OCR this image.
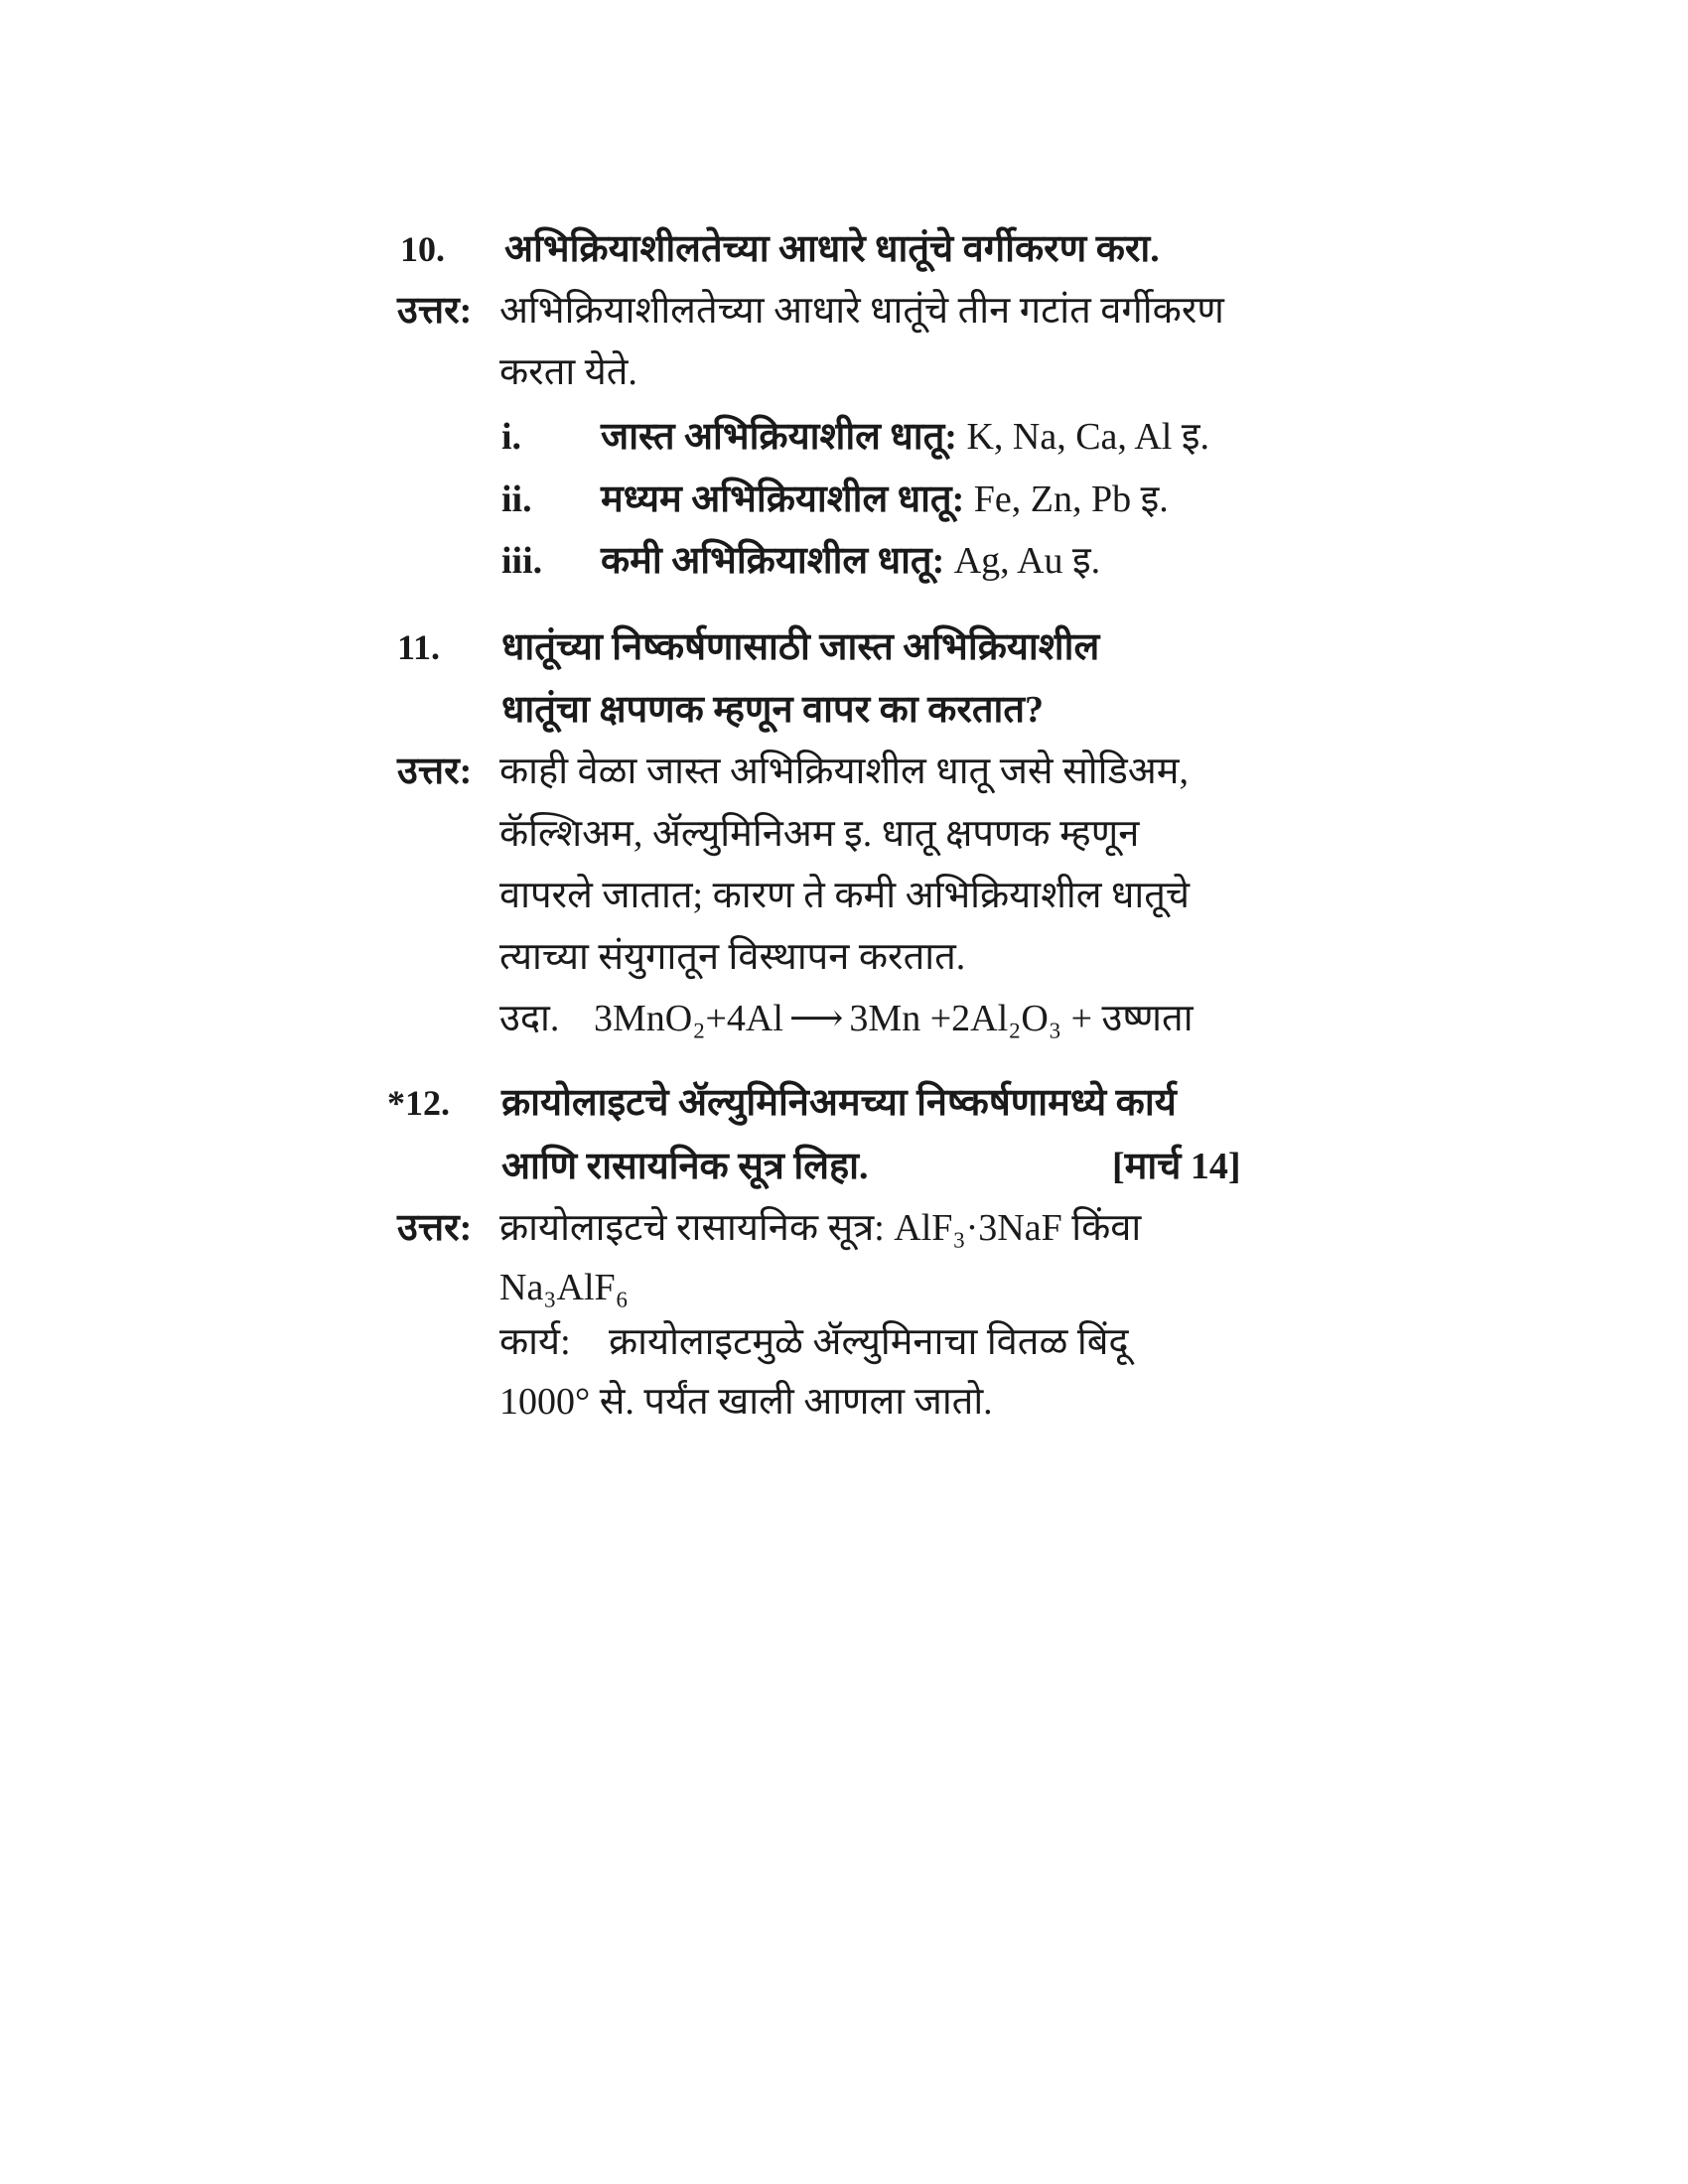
10. अभिक्रियाशीलतेच्या आधारे धातूंचे वर्गीकरण करा.
उत्तर: अभिक्रियाशीलतेच्या आधारे धातूंचे तीन गटांत वर्गीकरण
करता येते.
i. जास्त अभिक्रियाशील धातू: K, Na, Ca, Al इ.
ii. मध्यम अभिक्रियाशील धातू: Fe, Zn, Pb इ.
iii. कमी अभिक्रियाशील धातू: Ag, Au इ.
11. धातूंच्या निष्कर्षणासाठी जास्त अभिक्रियाशील
धातूंचा क्षपणक म्हणून वापर का करतात?
उत्तर: काही वेळा जास्त अभिक्रियाशील धातू जसे सोडिअम,
कॅल्शिअम, ॲल्युमिनिअम इ. धातू क्षपणक म्हणून
वापरले जातात; कारण ते कमी अभिक्रियाशील धातूचे
त्याच्या संयुगातून विस्थापन करतात.
उदा. 3MnO₂+4Al ⟶ 3Mn +2Al₂O₃ + उष्णता
*12. क्रायोलाइटचे ॲल्युमिनिअमच्या निष्कर्षणामध्ये कार्य
आणि रासायनिक सूत्र लिहा.	[मार्च 14]
उत्तर: क्रायोलाइटचे रासायनिक सूत्र: AlF₃·3NaF किंवा
Na₃AlF₆
कार्य: क्रायोलाइटमुळे ॲल्युमिनाचा वितळ बिंदू
1000° से. पर्यंत खाली आणला जातो.
